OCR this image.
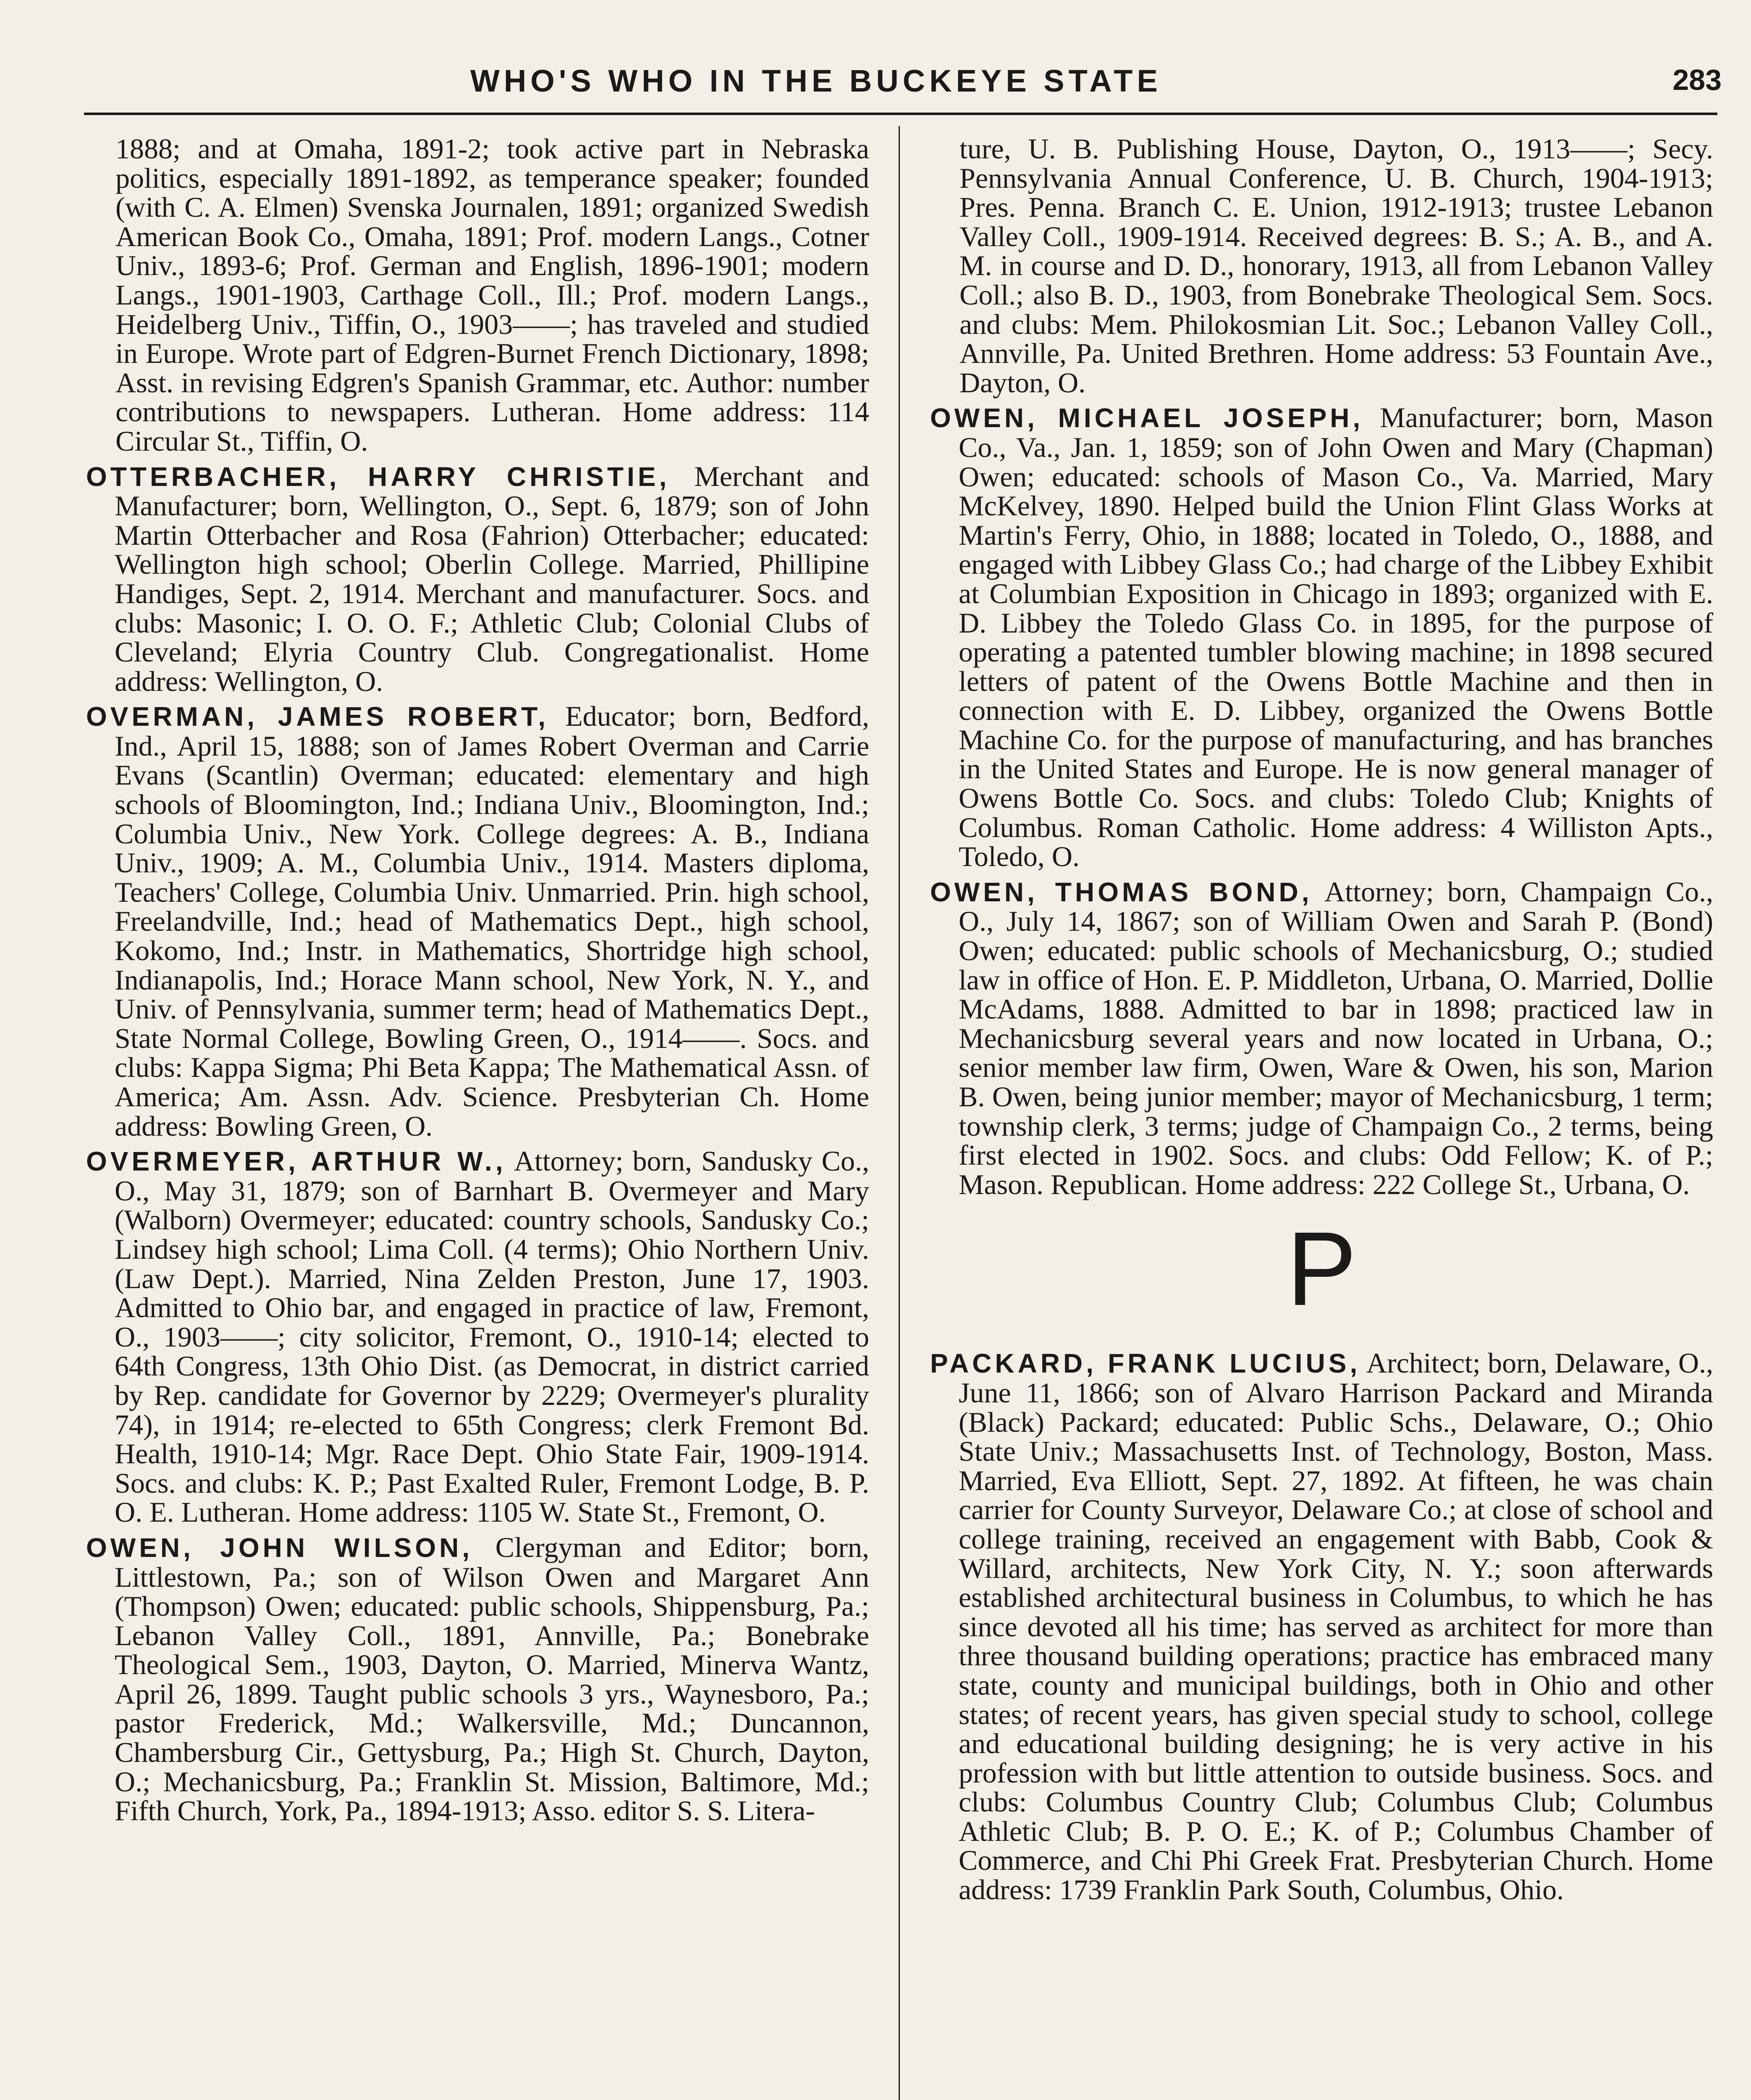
WHO'S WHO IN THE BUCKEYE STATE	283

1888; and at Omaha, 1891-2; took active part in Nebraska politics, especially 1891-1892, as temperance speaker; founded (with C. A. Elmen) Svenska Journalen, 1891; organized Swedish American Book Co., Omaha, 1891; Prof. modern Langs., Cotner Univ., 1893-6; Prof. German and English, 1896-1901; modern Langs., 1901-1903, Carthage Coll., Ill.; Prof. modern Langs., Heidelberg Univ., Tiffin, O., 1903——; has traveled and studied in Europe. Wrote part of Edgren-Burnet French Dictionary, 1898; Asst. in revising Edgren's Spanish Grammar, etc. Author: number contributions to newspapers. Lutheran. Home address: 114 Circular St., Tiffin, O.

OTTERBACHER, HARRY CHRISTIE, Merchant and Manufacturer; born, Wellington, O., Sept. 6, 1879; son of John Martin Otterbacher and Rosa (Fahrion) Otterbacher; educated: Wellington high school; Oberlin College. Married, Phillipine Handiges, Sept. 2, 1914. Merchant and manufacturer. Socs. and clubs: Masonic; I. O. O. F.; Athletic Club; Colonial Clubs of Cleveland; Elyria Country Club. Congregationalist. Home address: Wellington, O.

OVERMAN, JAMES ROBERT, Educator; born, Bedford, Ind., April 15, 1888; son of James Robert Overman and Carrie Evans (Scantlin) Overman; educated: elementary and high schools of Bloomington, Ind.; Indiana Univ., Bloomington, Ind.; Columbia Univ., New York. College degrees: A. B., Indiana Univ., 1909; A. M., Columbia Univ., 1914. Masters diploma, Teachers' College, Columbia Univ. Unmarried. Prin. high school, Freelandville, Ind.; head of Mathematics Dept., high school, Kokomo, Ind.; Instr. in Mathematics, Shortridge high school, Indianapolis, Ind.; Horace Mann school, New York, N. Y., and Univ. of Pennsylvania, summer term; head of Mathematics Dept., State Normal College, Bowling Green, O., 1914——. Socs. and clubs: Kappa Sigma; Phi Beta Kappa; The Mathematical Assn. of America; Am. Assn. Adv. Science. Presbyterian Ch. Home address: Bowling Green, O.

OVERMEYER, ARTHUR W., Attorney; born, Sandusky Co., O., May 31, 1879; son of Barnhart B. Overmeyer and Mary (Walborn) Overmeyer; educated: country schools, Sandusky Co.; Lindsey high school; Lima Coll. (4 terms); Ohio Northern Univ. (Law Dept.). Married, Nina Zelden Preston, June 17, 1903. Admitted to Ohio bar, and engaged in practice of law, Fremont, O., 1903——; city solicitor, Fremont, O., 1910-14; elected to 64th Congress, 13th Ohio Dist. (as Democrat, in district carried by Rep. candidate for Governor by 2229; Overmeyer's plurality 74), in 1914; re-elected to 65th Congress; clerk Fremont Bd. Health, 1910-14; Mgr. Race Dept. Ohio State Fair, 1909-1914. Socs. and clubs: K. P.; Past Exalted Ruler, Fremont Lodge, B. P. O. E. Lutheran. Home address: 1105 W. State St., Fremont, O.

OWEN, JOHN WILSON, Clergyman and Editor; born, Littlestown, Pa.; son of Wilson Owen and Margaret Ann (Thompson) Owen; educated: public schools, Shippensburg, Pa.; Lebanon Valley Coll., 1891, Annville, Pa.; Bonebrake Theological Sem., 1903, Dayton, O. Married, Minerva Wantz, April 26, 1899. Taught public schools 3 yrs., Waynesboro, Pa.; pastor Frederick, Md.; Walkersville, Md.; Duncannon, Chambersburg Cir., Gettysburg, Pa.; High St. Church, Dayton, O.; Mechanicsburg, Pa.; Franklin St. Mission, Baltimore, Md.; Fifth Church, York, Pa., 1894-1913; Asso. editor S. S. Litera-

ture, U. B. Publishing House, Dayton, O., 1913——; Secy. Pennsylvania Annual Conference, U. B. Church, 1904-1913; Pres. Penna. Branch C. E. Union, 1912-1913; trustee Lebanon Valley Coll., 1909-1914. Received degrees: B. S.; A. B., and A. M. in course and D. D., honorary, 1913, all from Lebanon Valley Coll.; also B. D., 1903, from Bonebrake Theological Sem. Socs. and clubs: Mem. Philokosmian Lit. Soc.; Lebanon Valley Coll., Annville, Pa. United Brethren. Home address: 53 Fountain Ave., Dayton, O.

OWEN, MICHAEL JOSEPH, Manufacturer; born, Mason Co., Va., Jan. 1, 1859; son of John Owen and Mary (Chapman) Owen; educated: schools of Mason Co., Va. Married, Mary McKelvey, 1890. Helped build the Union Flint Glass Works at Martin's Ferry, Ohio, in 1888; located in Toledo, O., 1888, and engaged with Libbey Glass Co.; had charge of the Libbey Exhibit at Columbian Exposition in Chicago in 1893; organized with E. D. Libbey the Toledo Glass Co. in 1895, for the purpose of operating a patented tumbler blowing machine; in 1898 secured letters of patent of the Owens Bottle Machine and then in connection with E. D. Libbey, organized the Owens Bottle Machine Co. for the purpose of manufacturing, and has branches in the United States and Europe. He is now general manager of Owens Bottle Co. Socs. and clubs: Toledo Club; Knights of Columbus. Roman Catholic. Home address: 4 Williston Apts., Toledo, O.

OWEN, THOMAS BOND, Attorney; born, Champaign Co., O., July 14, 1867; son of William Owen and Sarah P. (Bond) Owen; educated: public schools of Mechanicsburg, O.; studied law in office of Hon. E. P. Middleton, Urbana, O. Married, Dollie McAdams, 1888. Admitted to bar in 1898; practiced law in Mechanicsburg several years and now located in Urbana, O.; senior member law firm, Owen, Ware & Owen, his son, Marion B. Owen, being junior member; mayor of Mechanicsburg, 1 term; township clerk, 3 terms; judge of Champaign Co., 2 terms, being first elected in 1902. Socs. and clubs: Odd Fellow; K. of P.; Mason. Republican. Home address: 222 College St., Urbana, O.

P

PACKARD, FRANK LUCIUS, Architect; born, Delaware, O., June 11, 1866; son of Alvaro Harrison Packard and Miranda (Black) Packard; educated: Public Schs., Delaware, O.; Ohio State Univ.; Massachusetts Inst. of Technology, Boston, Mass. Married, Eva Elliott, Sept. 27, 1892. At fifteen, he was chain carrier for County Surveyor, Delaware Co.; at close of school and college training, received an engagement with Babb, Cook & Willard, architects, New York City, N. Y.; soon afterwards established architectural business in Columbus, to which he has since devoted all his time; has served as architect for more than three thousand building operations; practice has embraced many state, county and municipal buildings, both in Ohio and other states; of recent years, has given special study to school, college and educational building designing; he is very active in his profession with but little attention to outside business. Socs. and clubs: Columbus Country Club; Columbus Club; Columbus Athletic Club; B. P. O. E.; K. of P.; Columbus Chamber of Commerce, and Chi Phi Greek Frat. Presbyterian Church. Home address: 1739 Franklin Park South, Columbus, Ohio.
